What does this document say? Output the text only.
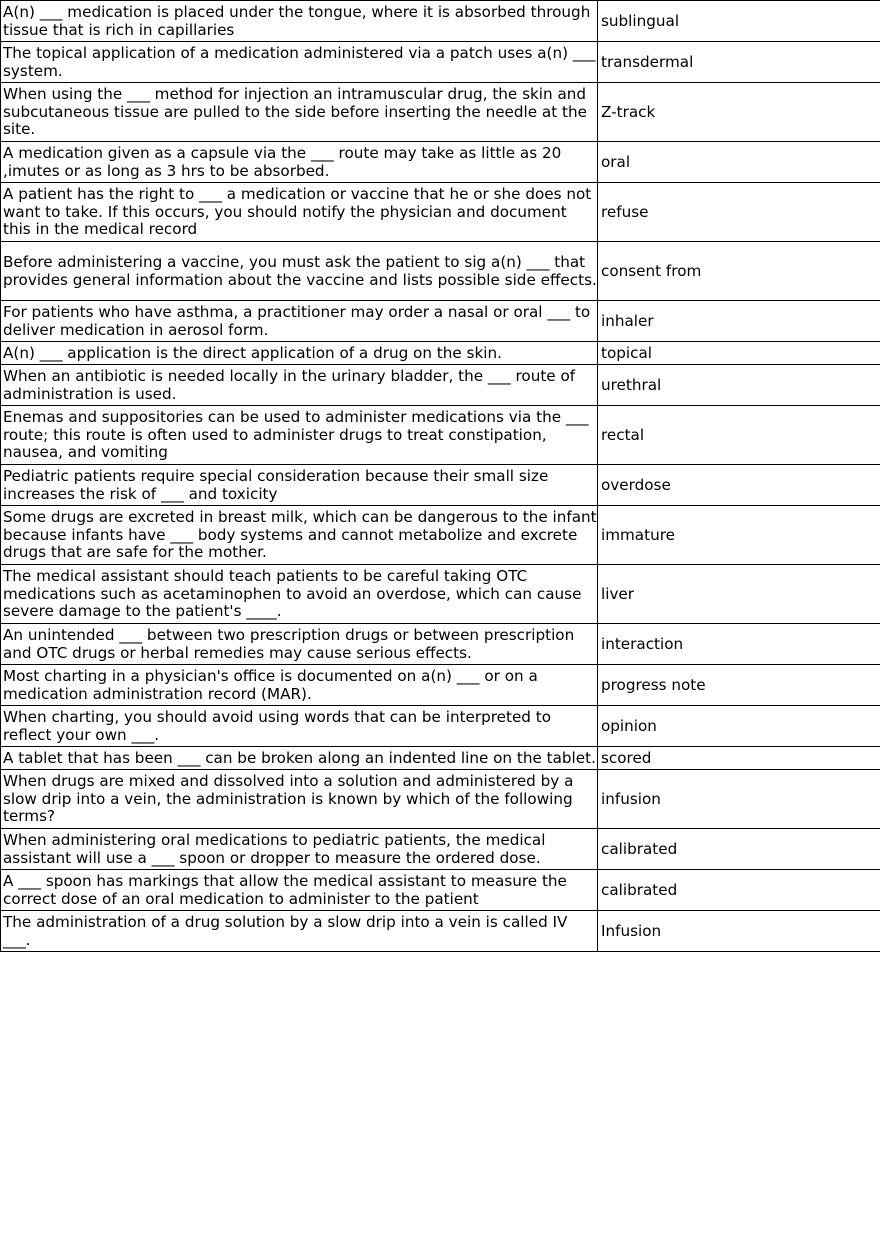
A(n) ___ medication is placed under the tongue, where it is absorbed through tissue that is rich in capillaries	sublingual
The topical application of a medication administered via a patch uses a(n) ___ system.	transdermal
When using the ___ method for injection an intramuscular drug, the skin and subcutaneous tissue are pulled to the side before inserting the needle at the site.	Z-track
A medication given as a capsule via the ___ route may take as little as 20 ,imutes or as long as 3 hrs to be absorbed.	oral
A patient has the right to ___ a medication or vaccine that he or she does not want to take. If this occurs, you should notify the physician and document this in the medical record	refuse
Before administering a vaccine, you must ask the patient to sig a(n) ___ that provides general information about the vaccine and lists possible side effects.	consent from
For patients who have asthma, a practitioner may order a nasal or oral ___ to deliver medication in aerosol form.	inhaler
A(n) ___ application is the direct application of a drug on the skin.	topical
When an antibiotic is needed locally in the urinary bladder, the ___ route of administration is used.	urethral
Enemas and suppositories can be used to administer medications via the ___ route; this route is often used to administer drugs to treat constipation, nausea, and vomiting	rectal
Pediatric patients require special consideration because their small size increases the risk of ___ and toxicity	overdose
Some drugs are excreted in breast milk, which can be dangerous to the infant because infants have ___ body systems and cannot metabolize and excrete drugs that are safe for the mother.	immature
The medical assistant should teach patients to be careful taking OTC medications such as acetaminophen to avoid an overdose, which can cause severe damage to the patient's ____.	liver
An unintended ___ between two prescription drugs or between prescription and OTC drugs or herbal remedies may cause serious effects.	interaction
Most charting in a physician's office is documented on a(n) ___ or on a medication administration record (MAR).	progress note
When charting, you should avoid using words that can be interpreted to reflect your own ___.	opinion
A tablet that has been ___ can be broken along an indented line on the tablet.	scored
When drugs are mixed and dissolved into a solution and administered by a slow drip into a vein, the administration is known by which of the following terms?	infusion
When administering oral medications to pediatric patients, the medical assistant will use a ___ spoon or dropper to measure the ordered dose.	calibrated
A ___ spoon has markings that allow the medical assistant to measure the correct dose of an oral medication to administer to the patient	calibrated
The administration of a drug solution by a slow drip into a vein is called IV ___.	Infusion
